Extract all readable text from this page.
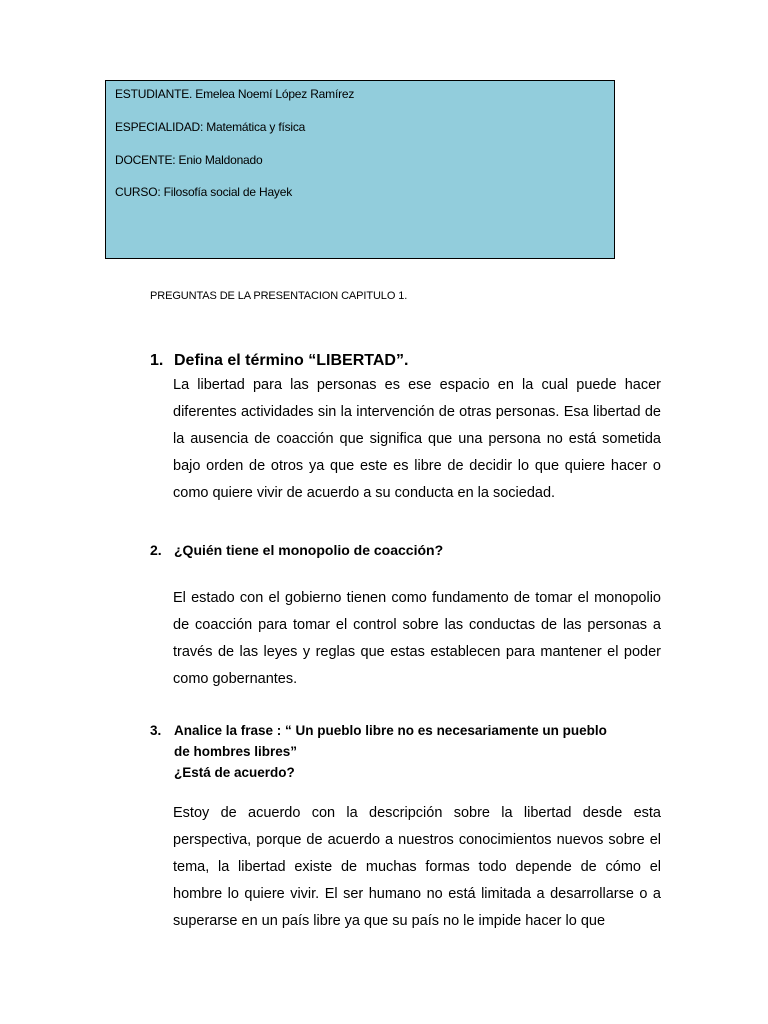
ESTUDIANTE. Emelea Noemí López Ramírez
ESPECIALIDAD: Matemática y física
DOCENTE: Enio Maldonado
CURSO: Filosofía social de Hayek
PREGUNTAS DE LA PRESENTACION CAPITULO 1.
1. Defina el término “LIBERTAD”.

La libertad para las personas es ese espacio en la cual puede hacer diferentes actividades sin la intervención de otras personas. Esa libertad de la ausencia de coacción que significa que una persona no está sometida bajo orden de otros ya que este es libre de decidir lo que quiere hacer o como quiere vivir de acuerdo a su conducta en la sociedad.

2. ¿Quién tiene el monopolio de coacción?

El estado con el gobierno tienen como fundamento de tomar el monopolio de coacción para tomar el control sobre las conductas de las personas a través de las leyes y reglas que estas establecen para mantener el poder como gobernantes.

3. Analice la frase : “ Un pueblo libre no es necesariamente un pueblo
de hombres libres”
¿Está de acuerdo?

Estoy de acuerdo con la descripción sobre la libertad desde esta perspectiva, porque de acuerdo a nuestros conocimientos nuevos sobre el tema, la libertad existe de muchas formas todo depende de cómo el hombre lo quiere vivir. El ser humano no está limitada a desarrollarse o a superarse en un país libre ya que su país no le impide hacer lo que
